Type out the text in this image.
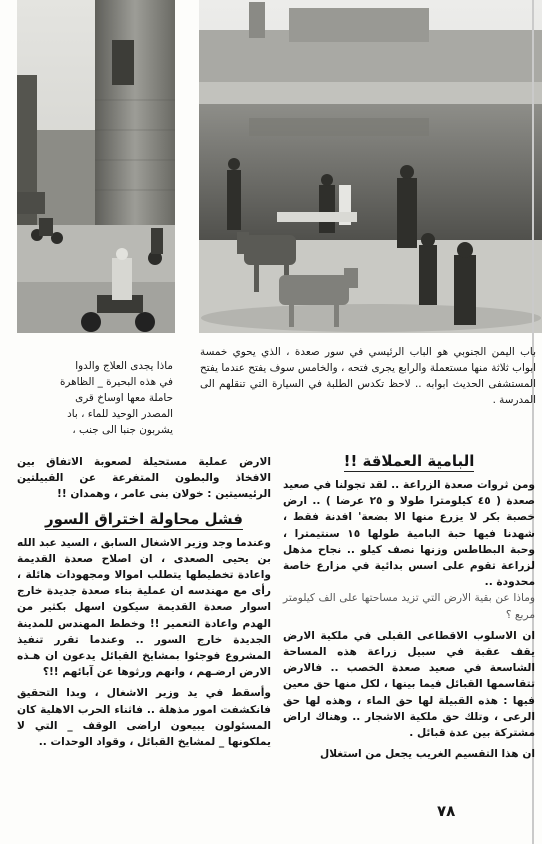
باب اليمن الجنوبي هو الباب الرئيسي في سور صعدة ، الذي يحوي خمسة ابواب ثلاثة منها مستعملة والرابع يجرى فتحه ، والخامس سوف يفتح عندما يفتح المستشفى الحديث ابوابه .. لاحظ تكدس الطلبة في السيارة التي تنقلهم الى المدرسة .

ماذا يجدى العلاج والدوا

في هذه البحيرة _ الظاهرة

حاملة معها اوساخ قرى

المصدر الوحيد للماء ، باد

يشربون جنبا الى جنب ،

البامية العملاقة !!

ومن ثروات صعدة الزراعة .. لقد تجولنا في صعيد صعدة ( ٤٥ كيلومترا طولا و ٢٥ عرضا ) .. ارض خصبة بكر لا يزرع منها الا بضعة' افدنة فقط ، شهدنا فيها حبة البامية طولها ١٥ سنتيمترا ، وحبة البطاطس وزنها نصف كيلو .. نجاح مذهل لزراعة تقوم على اسس بدائية في مزارع خاصة محدودة ..

وماذا عن بقية الارض التي تزيد مساحتها على الف كيلومتر مربع ؟

ان الاسلوب الاقطاعى القبلى في ملكية الارض يقف عقبة في سبيل زراعة هذه المساحة الشاسعة في صعيد صعدة الخصب .. فالارض تتقاسمها القبائل فيما بينها ، لكل منها حق معين فيها : هذه القبيلة لها حق الماء ، وهذه لها حق الرعى ، وتلك حق ملكية الاشجار .. وهناك اراض مشتركة بين عدة قبائل .

ان هذا التقسيم الغريب يجعل من استغلال

الارض عملية مستحيلة لصعوبة الاتفاق بين الافخاذ والبطون المتفرعة عن القبيلتين الرئيسيتين : خولان بنى عامر ، وهمدان !!

فشل محاولة اختراق السور

وعندما وجد وزير الاشغال السابق ، السيد عبد الله بن يحيى الصعدى ، ان اصلاح صعدة القديمة واعادة تخطيطها يتطلب اموالا ومجهودات هائلة ، رأى مع مهندسه ان عملية بناء صعدة جديدة خارج اسوار صعدة القديمة سيكون اسهل بكثير من الهدم واعادة التعمير !! وخطط المهندس للمدينة الجديدة خارج السور .. وعندما تقرر تنفيذ المشروع فوجئوا بمشايخ القبائل يدعون ان هـذه الارض ارضـهم ، وانهم ورثوها عن آبائهم !!؟

وأسقط في يد وزير الاشغال ، وبدا التحقيق فانكشفت امور مذهلة .. فاثناء الحرب الاهلية كان المسئولون يبيعون اراضى الوقف _ التي لا يملكونها _ لمشايخ القبائل ، وقواد الوحدات ..

٧٨
